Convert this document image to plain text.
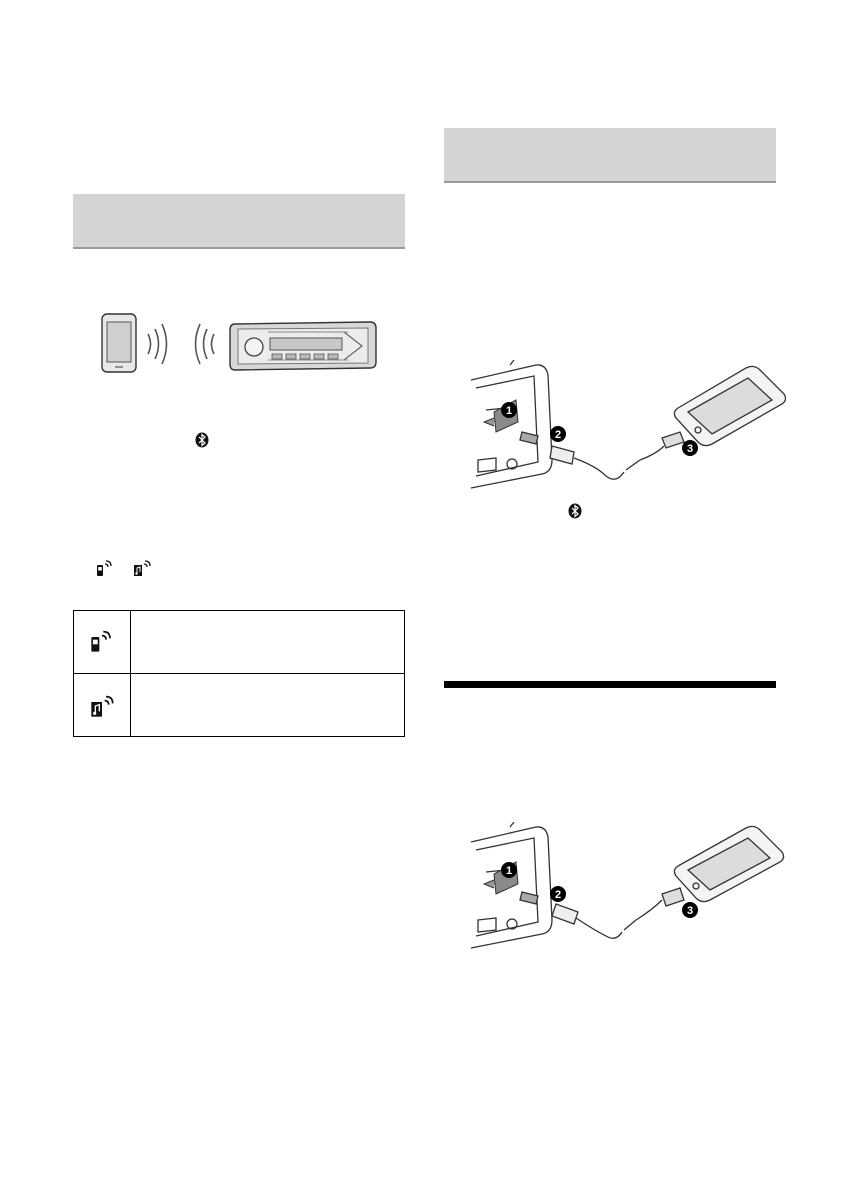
1
2
3
1
2
3
